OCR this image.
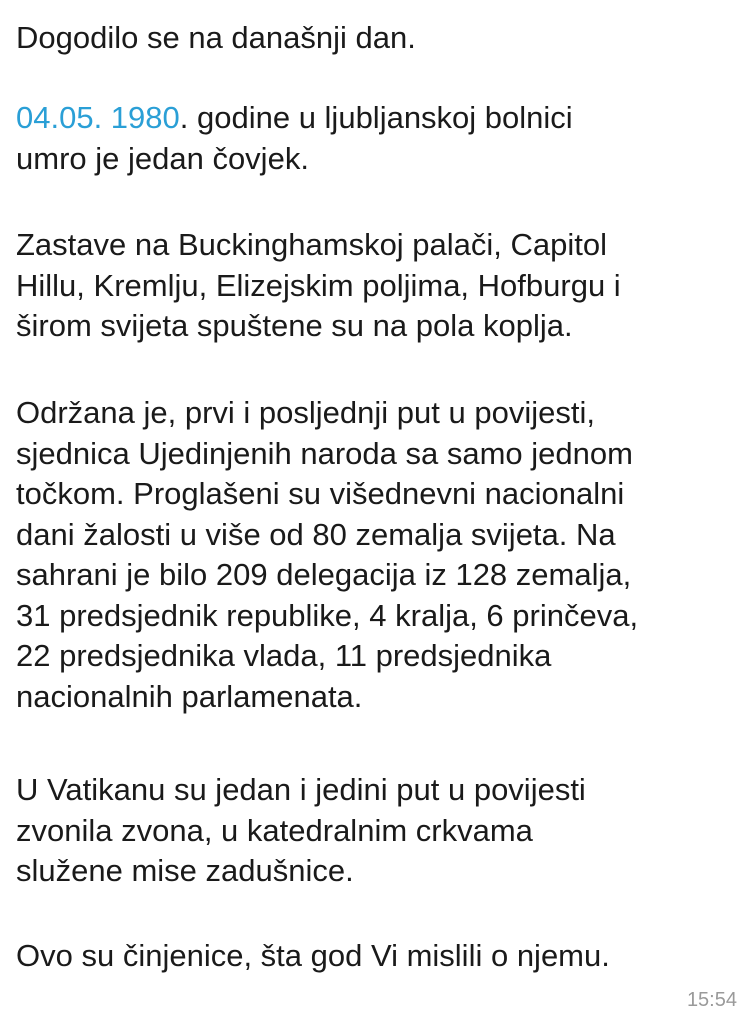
Dogodilo se na današnji dan.

04.05. 1980. godine u ljubljanskoj bolnici
umro je jedan čovjek.

Zastave na Buckinghamskoj palači, Capitol
Hillu, Kremlju, Elizejskim poljima, Hofburgu i
širom svijeta spuštene su na pola koplja.

Održana je, prvi i posljednji put u povijesti,
sjednica Ujedinjenih naroda sa samo jednom
točkom. Proglašeni su višednevni nacionalni
dani žalosti u više od 80 zemalja svijeta. Na
sahrani je bilo 209 delegacija iz 128 zemalja,
31 predsjednik republike, 4 kralja, 6 prinčeva,
22 predsjednika vlada, 11 predsjednika
nacionalnih parlamenata.

U Vatikanu su jedan i jedini put u povijesti
zvonila zvona, u katedralnim crkvama
služene mise zadušnice.

Ovo su činjenice, šta god Vi mislili o njemu.

15:54
